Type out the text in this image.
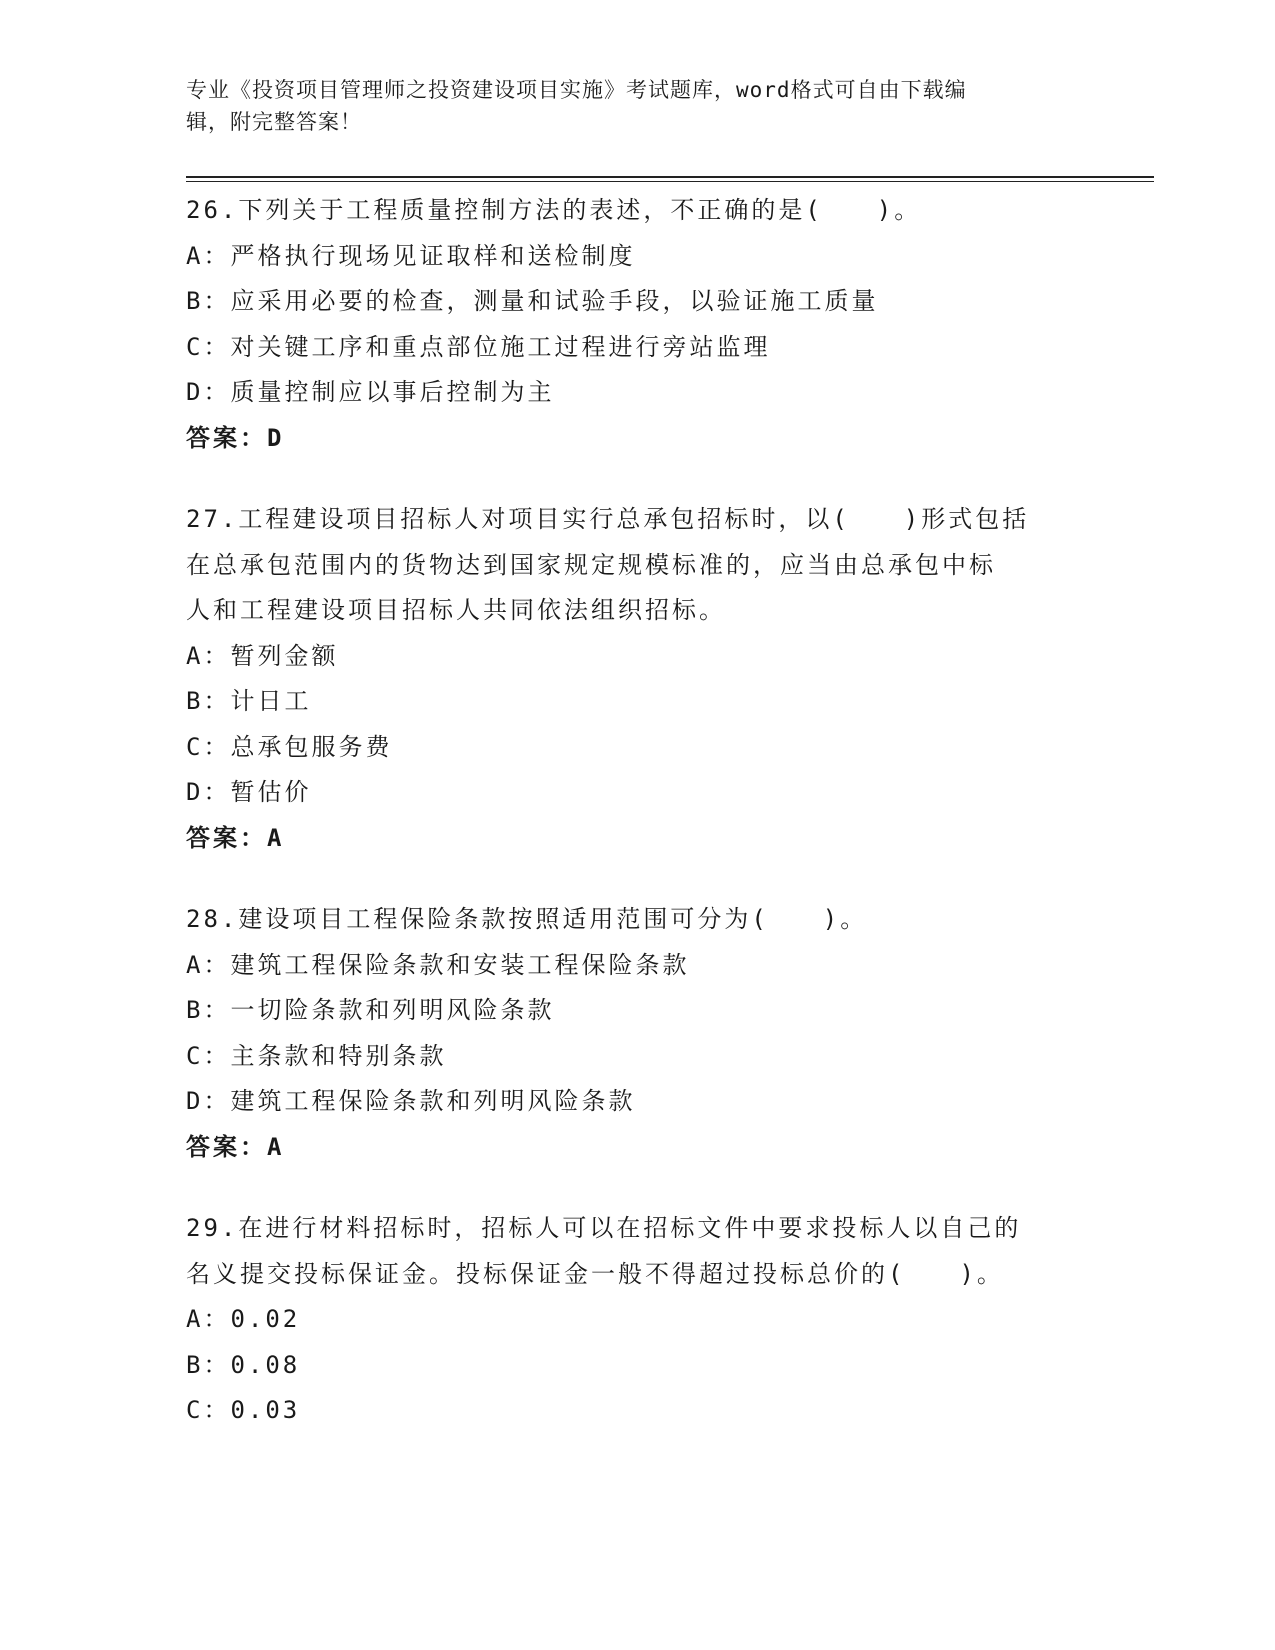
专业《投资项目管理师之投资建设项目实施》考试题库，word格式可自由下载编
辑，附完整答案！
26.下列关于工程质量控制方法的表述，不正确的是(　　)。
A：严格执行现场见证取样和送检制度
B：应采用必要的检查，测量和试验手段，以验证施工质量
C：对关键工序和重点部位施工过程进行旁站监理
D：质量控制应以事后控制为主
答案：D
27.工程建设项目招标人对项目实行总承包招标时，以(　　)形式包括
在总承包范围内的货物达到国家规定规模标准的，应当由总承包中标
人和工程建设项目招标人共同依法组织招标。
A：暂列金额
B：计日工
C：总承包服务费
D：暂估价
答案：A
28.建设项目工程保险条款按照适用范围可分为(　　)。
A：建筑工程保险条款和安装工程保险条款
B：一切险条款和列明风险条款
C：主条款和特别条款
D：建筑工程保险条款和列明风险条款
答案：A
29.在进行材料招标时，招标人可以在招标文件中要求投标人以自己的
名义提交投标保证金。投标保证金一般不得超过投标总价的(　　)。
A：0.02
B：0.08
C：0.03
